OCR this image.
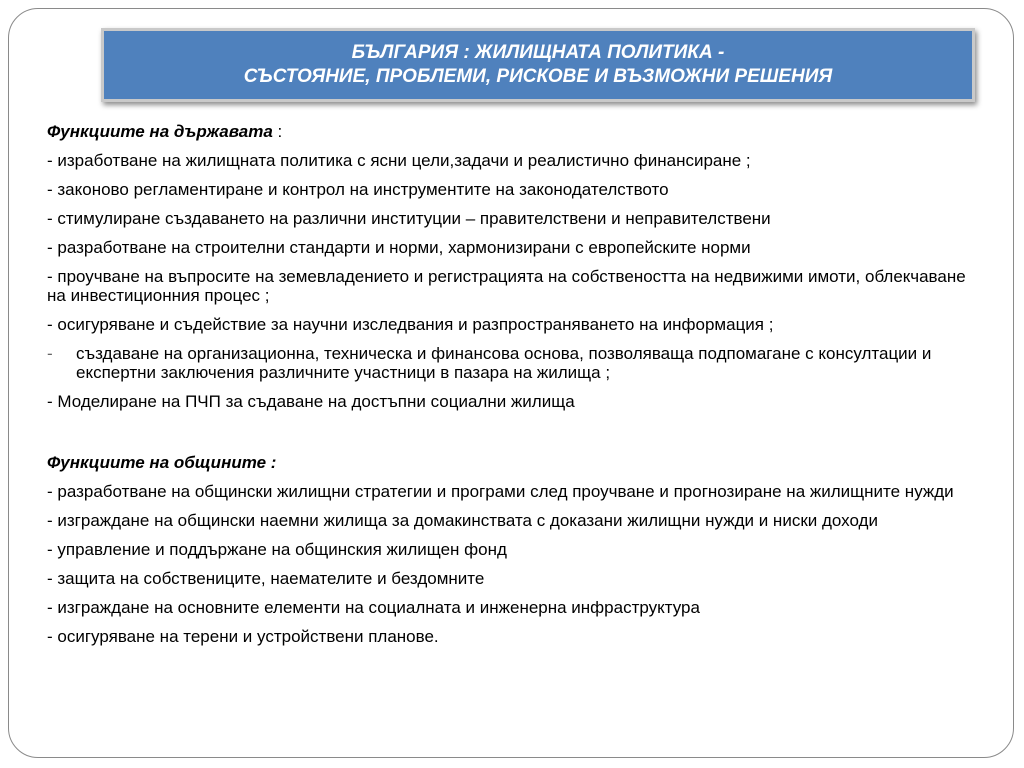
БЪЛГАРИЯ : ЖИЛИЩНАТА ПОЛИТИКА -
СЪСТОЯНИЕ, ПРОБЛЕМИ, РИСКОВЕ И ВЪЗМОЖНИ РЕШЕНИЯ
Функциите на държавата :
- изработване на жилищната политика с ясни цели,задачи и реалистично финансиране ;
- законово регламентиране и контрол на инструментите на законодателството
- стимулиране създаването на различни институции – правителствени и неправителствени
- разработване на строителни стандарти и норми, хармонизирани с европейските норми
- проучване на въпросите на земевладението и регистрацията на собствеността на недвижими имоти, облекчаване на инвестиционния процес ;
- осигуряване и съдействие за научни изследвания и разпространяването на информация ;
-	създаване на организационна, техническа и финансова основа, позволяваща подпомагане с консултации и експертни заключения различните участници в пазара на жилища ;
- Моделиране на ПЧП за съдаване на достъпни социални жилища
Функциите на общините :
- разработване на общински жилищни стратегии и програми след проучване и прогнозиране на жилищните нужди
- изграждане на общински наемни жилища за домакинствата с доказани жилищни нужди и ниски доходи
- управление и поддържане на общинския жилищен фонд
- защита на собствениците, наемателите и бездомните
- изграждане на основните елементи на социалната и инженерна инфраструктура
- осигуряване на терени и устройствени планове.
